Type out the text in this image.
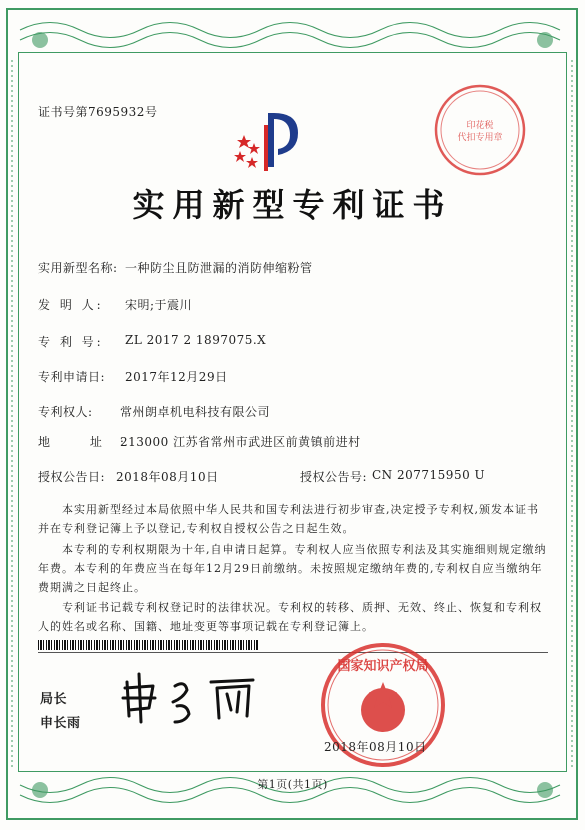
证书号第7695932号
印花税
代扣专用章
实用新型专利证书
实用新型名称: 一种防尘且防泄漏的消防伸缩粉管
发 明 人: 宋明;于震川
专 利 号: ZL 2017 2 1897075.X
专利申请日: 2017年12月29日
专利权人: 常州朗卓机电科技有限公司
地 址:
213000 江苏省常州市武进区前黄镇前进村
授权公告日: 2018年08月10日	授权公告号: CN 207715950 U
本实用新型经过本局依照中华人民共和国专利法进行初步审查,决定授予专利权,颁发本证书并在专利登记簿上予以登记,专利权自授权公告之日起生效。
本专利的专利权期限为十年,自申请日起算。专利权人应当依照专利法及其实施细则规定缴纳年费。本专利的年费应当在每年12月29日前缴纳。未按照规定缴纳年费的,专利权自应当缴纳年费期满之日起终止。
专利证书记载专利权登记时的法律状况。专利权的转移、质押、无效、终止、恢复和专利权人的姓名或名称、国籍、地址变更等事项记载在专利登记簿上。
局长
申长雨
国家知识产权局
2018年08月10日
第1页(共1页)
